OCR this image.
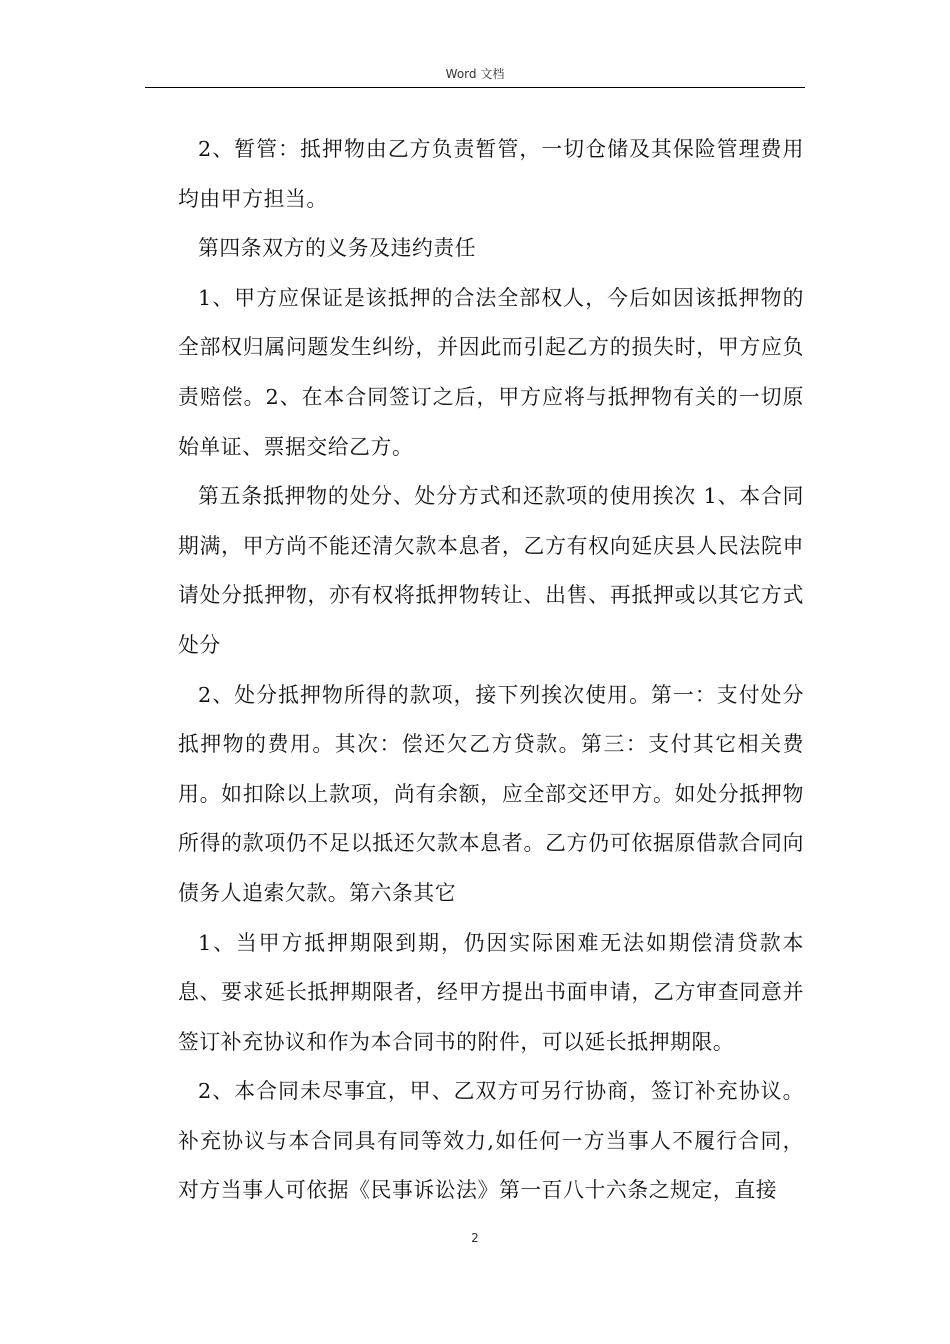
Word 文档

2、暂管：抵押物由乙方负责暂管，一切仓储及其保险管理费用均由甲方担当。

第四条双方的义务及违约责任

1、甲方应保证是该抵押的合法全部权人，今后如因该抵押物的全部权归属问题发生纠纷，并因此而引起乙方的损失时，甲方应负责赔偿。2、在本合同签订之后，甲方应将与抵押物有关的一切原始单证、票据交给乙方。

第五条抵押物的处分、处分方式和还款项的使用挨次 1、本合同期满，甲方尚不能还清欠款本息者，乙方有权向延庆县人民法院申请处分抵押物，亦有权将抵押物转让、出售、再抵押或以其它方式处分

2、处分抵押物所得的款项，接下列挨次使用。第一：支付处分抵押物的费用。其次：偿还欠乙方贷款。第三：支付其它相关费用。如扣除以上款项，尚有余额，应全部交还甲方。如处分抵押物所得的款项仍不足以抵还欠款本息者。乙方仍可依据原借款合同向债务人追索欠款。第六条其它

1、当甲方抵押期限到期，仍因实际困难无法如期偿清贷款本息、要求延长抵押期限者，经甲方提出书面申请，乙方审查同意并签订补充协议和作为本合同书的附件，可以延长抵押期限。

2、本合同未尽事宜，甲、乙双方可另行协商，签订补充协议。补充协议与本合同具有同等效力,如任何一方当事人不履行合同，对方当事人可依据《民事诉讼法》第一百八十六条之规定，直接

2
